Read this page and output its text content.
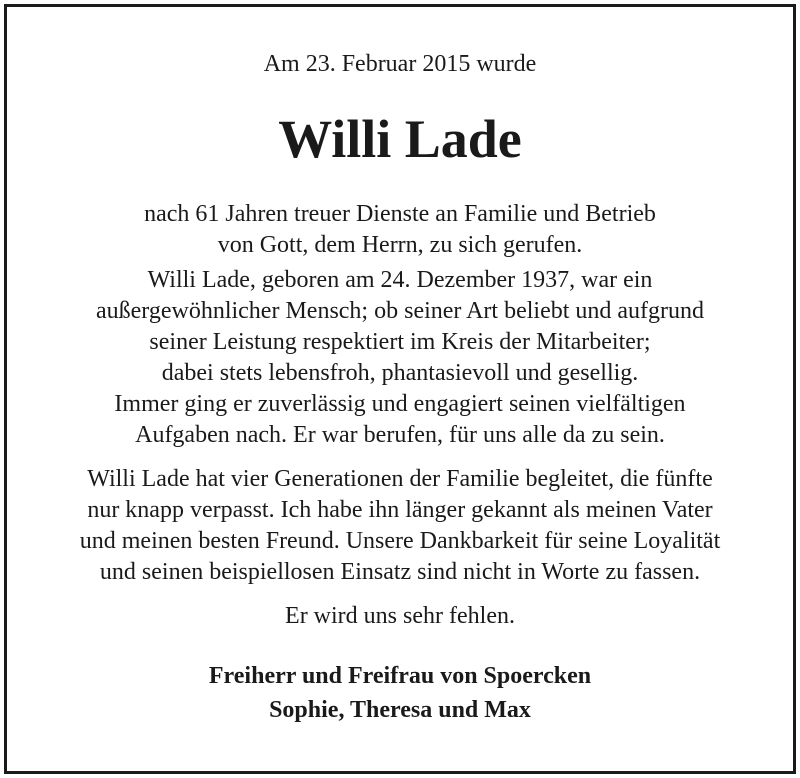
Am 23. Februar 2015 wurde
Willi Lade
nach 61 Jahren treuer Dienste an Familie und Betrieb
von Gott, dem Herrn, zu sich gerufen.
Willi Lade, geboren am 24. Dezember 1937, war ein
außergewöhnlicher Mensch; ob seiner Art beliebt und aufgrund
seiner Leistung respektiert im Kreis der Mitarbeiter;
dabei stets lebensfroh, phantasievoll und gesellig.
Immer ging er zuverlässig und engagiert seinen vielfältigen
Aufgaben nach. Er war berufen, für uns alle da zu sein.
Willi Lade hat vier Generationen der Familie begleitet, die fünfte
nur knapp verpasst. Ich habe ihn länger gekannt als meinen Vater
und meinen besten Freund. Unsere Dankbarkeit für seine Loyalität
und seinen beispiellosen Einsatz sind nicht in Worte zu fassen.
Er wird uns sehr fehlen.
Freiherr und Freifrau von Spoercken
Sophie, Theresa und Max
